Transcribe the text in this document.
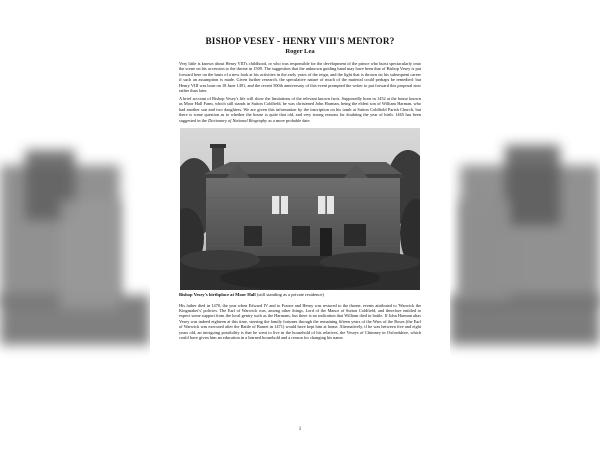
BISHOP VESEY - HENRY VIII'S MENTOR?
Roger Lea

Very little is known about Henry VIII's childhood, or who was responsible for the development of the prince who burst spectacularly onto the scene on his accession to the throne in 1509. The suggestion that the unknown guiding hand may have been that of Bishop Vesey is put forward here on the basis of a new look at his activities in the early years of the reign, and the light that is thrown on his subsequent career if such an assumption is made. Given further research, the speculative nature of much of the material could perhaps be remedied: but Henry VIII was born on 18 June 1491, and the recent 500th anniversary of this event prompted the writer to put forward this proposal now rather than later.

A brief account of Bishop Vesey's life will show the limitations of the relevant known facts. Supposedly born in 1452 at the house known as Moor Hall Farm, which still stands in Sutton Coldfield, he was christened John Harman, being the eldest son of William Harman, who had another son and two daughters. We are given this information by the inscription on his tomb at Sutton Coldfield Parish Church, but there is some question as to whether the house is quite that old, and very strong reasons for doubting the year of birth: 1465 has been suggested in the Dictionary of National Biography as a more probable date.

Bishop Vesey's birthplace at Moor Hall (still standing as a private residence)

His father died in 1470, the year when Edward IV and to France and Henry was restored to the throne, events attributed to 'Warwick the Kingmaker's' policies. The Earl of Warwick was, among other things, Lord of the Manor of Sutton Coldfield, and therefore entitled to expect some support from the local gentry such as the Harmans, but there is no indication that William died in battle. If John Harman alias Vesey was indeed eighteen at this time, steering the family fortunes through the remaining fifteen years of the Wars of the Roses (the Earl of Warwick was executed after the Battle of Barnet in 1471) would have kept him at home. Alternatively, if he was between five and eight years old, an intriguing possibility is that he went to live in the household of his relatives, the Veseys of Chimney in Oxfordshire, which could have given him an education in a learned household and a reason for changing his name.

1
